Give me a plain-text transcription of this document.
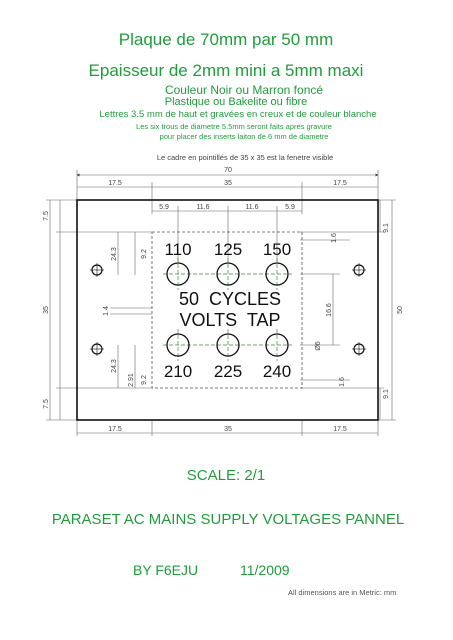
Plaque de 70mm par 50 mm
Epaisseur de 2mm mini a 5mm maxi
Couleur Noir ou Marron foncé
Plastique ou Bakelite ou fibre
Lettres 3.5 mm de haut et gravées en creux et de couleur blanche
Les six trous de diametre 5.5mm seront faits apres gravure
pour placer des inserts laiton de 6 mm de diametre
Le cadre en pointillés de 35 x 35 est la fenetre visible
110 125 150
50  CYCLES
VOLTS  TAP
210 225 240
70
17.5	35	17.5
5.9	11.6	11.6	5.9
17.5	35	17.5
7.5
35
7.5
24.3
24.3
9.2
1.4
2.91 9.2
1.6
9.1
16.6
Ø6
1.6
9.1
50
SCALE: 2/1
PARASET AC MAINS SUPPLY VOLTAGES PANNEL
BY F6EJU	11/2009
All dimensions are in Metric: mm
